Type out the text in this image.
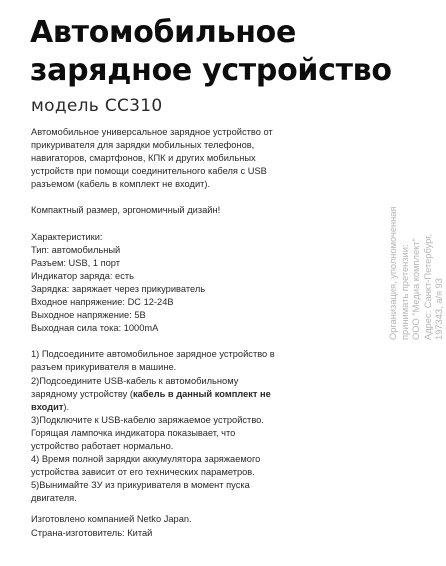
Автомобильное
зарядное устройство
модель CC310

Автомобильное универсальное зарядное устройство от

прикуривателя для зарядки мобильных телефонов,

навигаторов, смартфонов, КПК и других мобильных

устройств при помощи соединительного кабеля с USB

разъемом (кабель в комплект не входит).

Компактный размер, эргономичный дизайн!

Характеристики:

Тип: автомобильный

Разъем: USB, 1 порт

Индикатор заряда: есть

Зарядка: заряжает через прикуриватель

Входное напряжение: DC 12-24В

Выходное напряжение: 5В

Выходная сила тока: 1000mA

1) Подсоедините автомобильное зарядное устройство в

разъем прикуривателя в машине.

2)Подсоедините USB-кабель к автомобильному

зарядному устройству (кабель в данный комплект не

входит).

3)Подключите к USB-кабелю заряжаемое устройство.

Горящая лампочка индикатора показывает, что

устройство работает нормально.

4) Время полной зарядки аккумулятора заряжаемого

устройства зависит от его технических параметров.

5)Вынимайте ЗУ из прикуривателя в момент пуска

двигателя.

Организация, уполномоченная принимать претензии: ООО "Медиа комплект" Адрес: Санкт-Петербург, 197343, а/я 93

Изготовлено компанией Netko Japan.

Страна-изготовитель: Китай
